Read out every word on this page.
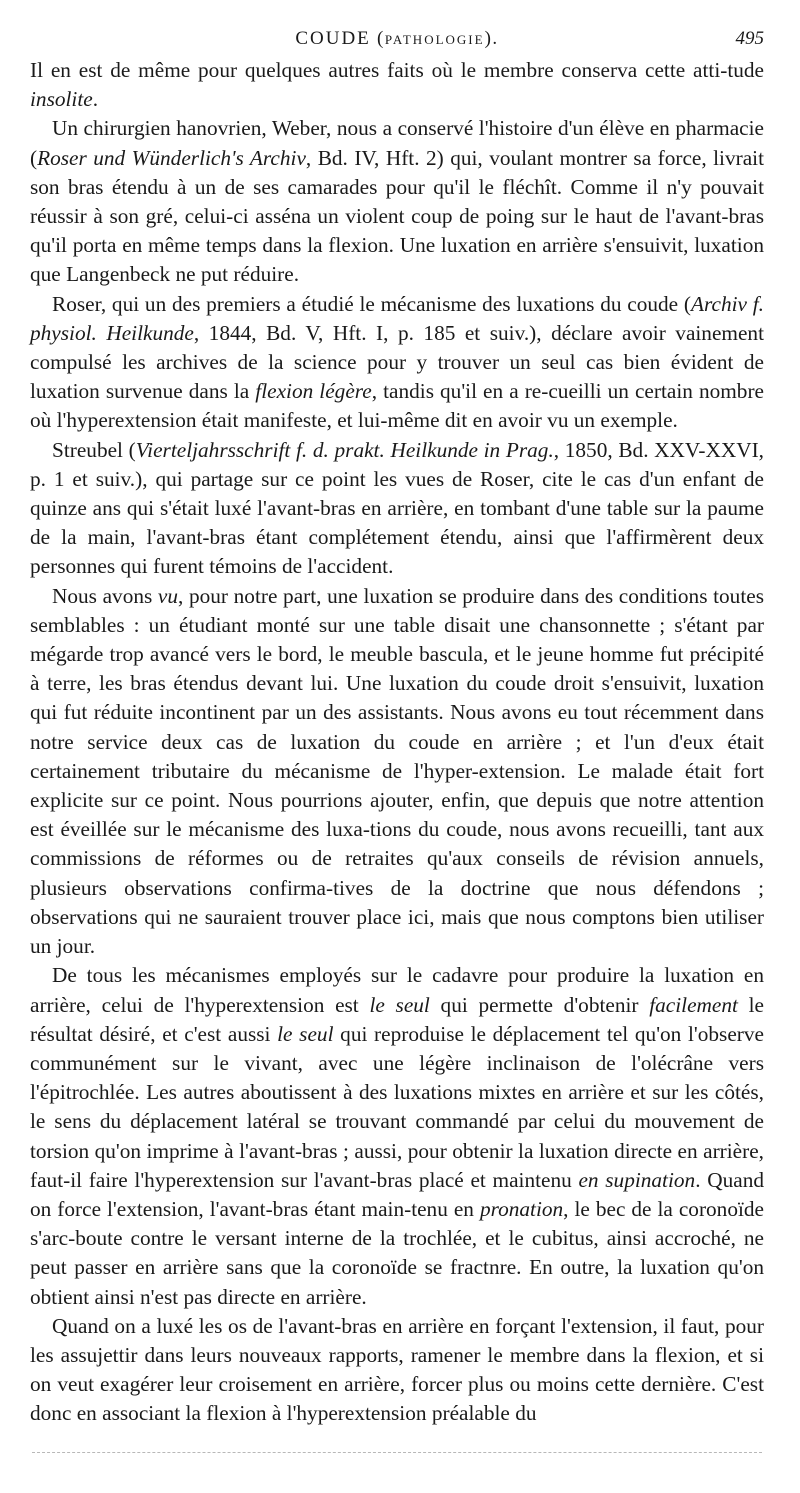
COUDE (PATHOLOGIE).	495

Il en est de même pour quelques autres faits où le membre conserva cette atti-tude insolite.

Un chirurgien hanovrien, Weber, nous a conservé l'histoire d'un élève en pharmacie (Roser und Wünderlich's Archiv, Bd. IV, Hft. 2) qui, voulant montrer sa force, livrait son bras étendu à un de ses camarades pour qu'il le fléchît. Comme il n'y pouvait réussir à son gré, celui-ci asséna un violent coup de poing sur le haut de l'avant-bras qu'il porta en même temps dans la flexion. Une luxation en arrière s'ensuivit, luxation que Langenbeck ne put réduire.

Roser, qui un des premiers a étudié le mécanisme des luxations du coude (Archiv f. physiol. Heilkunde, 1844, Bd. V, Hft. I, p. 185 et suiv.), déclare avoir vainement compulsé les archives de la science pour y trouver un seul cas bien évident de luxation survenue dans la flexion légère, tandis qu'il en a re-cueilli un certain nombre où l'hyperextension était manifeste, et lui-même dit en avoir vu un exemple.

Streubel (Vierteljahrsschrift f. d. prakt. Heilkunde in Prag., 1850, Bd. XXV-XXVI, p. 1 et suiv.), qui partage sur ce point les vues de Roser, cite le cas d'un enfant de quinze ans qui s'était luxé l'avant-bras en arrière, en tombant d'une table sur la paume de la main, l'avant-bras étant complétement étendu, ainsi que l'affirmèrent deux personnes qui furent témoins de l'accident.

Nous avons vu, pour notre part, une luxation se produire dans des conditions toutes semblables : un étudiant monté sur une table disait une chansonnette ; s'étant par mégarde trop avancé vers le bord, le meuble bascula, et le jeune homme fut précipité à terre, les bras étendus devant lui. Une luxation du coude droit s'ensuivit, luxation qui fut réduite incontinent par un des assistants. Nous avons eu tout récemment dans notre service deux cas de luxation du coude en arrière ; et l'un d'eux était certainement tributaire du mécanisme de l'hyper-extension. Le malade était fort explicite sur ce point. Nous pourrions ajouter, enfin, que depuis que notre attention est éveillée sur le mécanisme des luxa-tions du coude, nous avons recueilli, tant aux commissions de réformes ou de retraites qu'aux conseils de révision annuels, plusieurs observations confirma-tives de la doctrine que nous défendons ; observations qui ne sauraient trouver place ici, mais que nous comptons bien utiliser un jour.

De tous les mécanismes employés sur le cadavre pour produire la luxation en arrière, celui de l'hyperextension est le seul qui permette d'obtenir facilement le résultat désiré, et c'est aussi le seul qui reproduise le déplacement tel qu'on l'observe communément sur le vivant, avec une légère inclinaison de l'olécrâne vers l'épitrochlée. Les autres aboutissent à des luxations mixtes en arrière et sur les côtés, le sens du déplacement latéral se trouvant commandé par celui du mouvement de torsion qu'on imprime à l'avant-bras ; aussi, pour obtenir la luxation directe en arrière, faut-il faire l'hyperextension sur l'avant-bras placé et maintenu en supination. Quand on force l'extension, l'avant-bras étant main-tenu en pronation, le bec de la coronoïde s'arc-boute contre le versant interne de la trochlée, et le cubitus, ainsi accroché, ne peut passer en arrière sans que la coronoïde se fractnre. En outre, la luxation qu'on obtient ainsi n'est pas directe en arrière.

Quand on a luxé les os de l'avant-bras en arrière en forçant l'extension, il faut, pour les assujettir dans leurs nouveaux rapports, ramener le membre dans la flexion, et si on veut exagérer leur croisement en arrière, forcer plus ou moins cette dernière. C'est donc en associant la flexion à l'hyperextension préalable du
